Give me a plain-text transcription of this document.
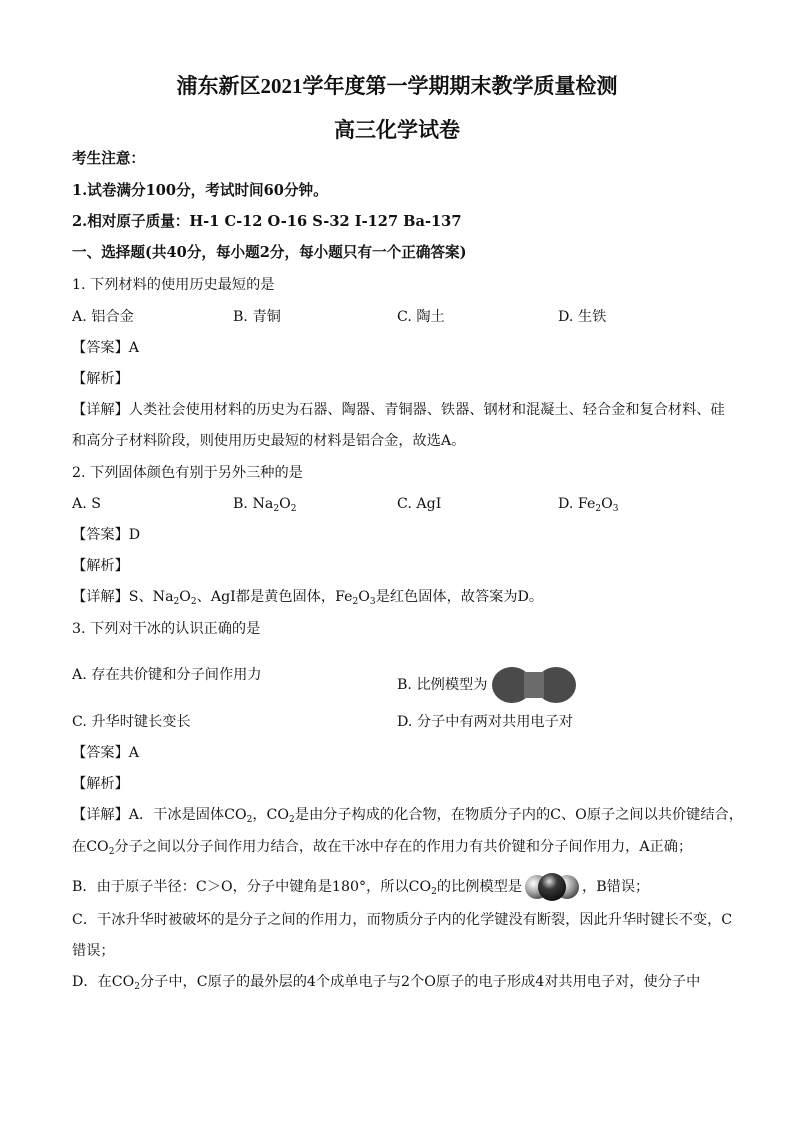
浦东新区2021学年度第一学期期末教学质量检测
高三化学试卷
考生注意：
1.试卷满分100分，考试时间60分钟。
2.相对原子质量：H-1 C-12 O-16 S-32 I-127 Ba-137
一、选择题(共40分，每小题2分，每小题只有一个正确答案)
1. 下列材料的使用历史最短的是
A. 铝合金	B. 青铜	C. 陶土	D. 生铁
【答案】A
【解析】
【详解】人类社会使用材料的历史为石器、陶器、青铜器、铁器、钢材和混凝土、轻合金和复合材料、硅
和高分子材料阶段，则使用历史最短的材料是铝合金，故选A。
2. 下列固体颜色有别于另外三种的是
A. S	B. $Na_2O_2$	C. AgI	D. $Fe_2O_3$
【答案】D
【解析】
【详解】S、$Na_2O_2$、AgI都是黄色固体，$Fe_2O_3$是红色固体，故答案为D。
3. 下列对干冰的认识正确的是
A. 存在共价键和分子间作用力
B. 比例模型为
C. 升华时键长变长	D. 分子中有两对共用电子对
【答案】A
【解析】
【详解】A．干冰是固体$CO_2$，$CO_2$是由分子构成的化合物，在物质分子内的C、O原子之间以共价键结合，
在$CO_2$分子之间以分子间作用力结合，故在干冰中存在的作用力有共价键和分子间作用力，A正确；
B．由于原子半径：C＞O，分子中键角是180°，所以$CO_2$的比例模型是	，B错误；
C．干冰升华时被破坏的是分子之间的作用力，而物质分子内的化学键没有断裂，因此升华时键长不变，C
错误；
D．在$CO_2$分子中，C原子的最外层的4个成单电子与2个O原子的电子形成4对共用电子对，使分子中
